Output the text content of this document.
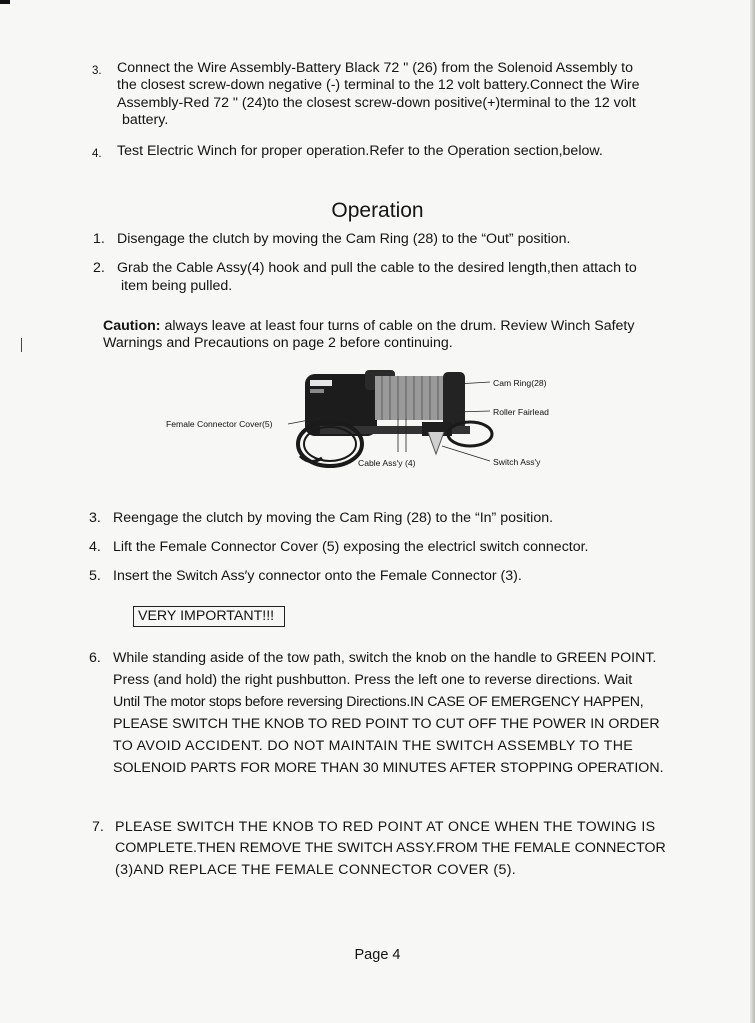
3. Connect the Wire Assembly-Battery Black 72 " (26) from the Solenoid Assembly to
the closest screw-down negative (-) terminal to the 12 volt battery.Connect the Wire
Assembly-Red 72 " (24)to the closest screw-down positive(+)terminal to the 12 volt
battery.
4. Test Electric Winch for proper operation.Refer to the Operation section,below.
Operation
1. Disengage the clutch by moving the Cam Ring (28) to the “Out” position.
2. Grab the Cable Assy(4) hook and pull the cable to the desired length,then attach to
item being pulled.
Caution: always leave at least four turns of cable on the drum. Review Winch Safety
Warnings and Precautions on page 2 before continuing.
Cam Ring(28)
Roller Fairlead
Female Connector Cover(5)
Cable Ass′y (4)	Switch Ass′y
3. Reengage the clutch by moving the Cam Ring (28) to the “In” position.
4. Lift the Female Connector Cover (5) exposing the electricl switch connector.
5. Insert the Switch Ass′y connector onto the Female Connector (3).
VERY IMPORTANT!!!
6. While standing aside of the tow path, switch the knob on the handle to GREEN POINT.
Press (and hold) the right pushbutton. Press the left one to reverse directions. Wait
Until The motor stops before reversing Directions.IN CASE OF EMERGENCY HAPPEN,
PLEASE SWITCH THE KNOB TO RED POINT TO CUT OFF THE POWER IN ORDER
TO AVOID ACCIDENT. DO NOT MAINTAIN THE SWITCH ASSEMBLY TO THE
SOLENOID PARTS FOR MORE THAN 30 MINUTES AFTER STOPPING OPERATION.
7. PLEASE SWITCH THE KNOB TO RED POINT AT ONCE WHEN THE TOWING IS
COMPLETE.THEN REMOVE THE SWITCH ASSY.FROM THE FEMALE CONNECTOR
(3)AND REPLACE THE FEMALE CONNECTOR COVER (5).
Page 4
